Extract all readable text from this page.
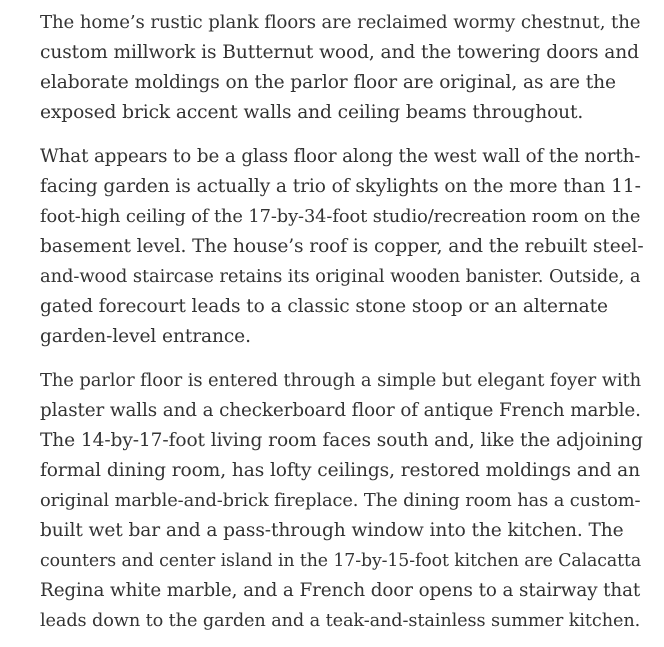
The home’s rustic plank floors are reclaimed wormy chestnut, the
custom millwork is Butternut wood, and the towering doors and
elaborate moldings on the parlor floor are original, as are the
exposed brick accent walls and ceiling beams throughout.

What appears to be a glass floor along the west wall of the north-
facing garden is actually a trio of skylights on the more than 11-
foot-high ceiling of the 17-by-34-foot studio/recreation room on the
basement level. The house’s roof is copper, and the rebuilt steel-
and-wood staircase retains its original wooden banister. Outside, a
gated forecourt leads to a classic stone stoop or an alternate
garden-level entrance.

The parlor floor is entered through a simple but elegant foyer with
plaster walls and a checkerboard floor of antique French marble.
The 14-by-17-foot living room faces south and, like the adjoining
formal dining room, has lofty ceilings, restored moldings and an
original marble-and-brick fireplace. The dining room has a custom-
built wet bar and a pass-through window into the kitchen. The
counters and center island in the 17-by-15-foot kitchen are Calacatta
Regina white marble, and a French door opens to a stairway that
leads down to the garden and a teak-and-stainless summer kitchen.
